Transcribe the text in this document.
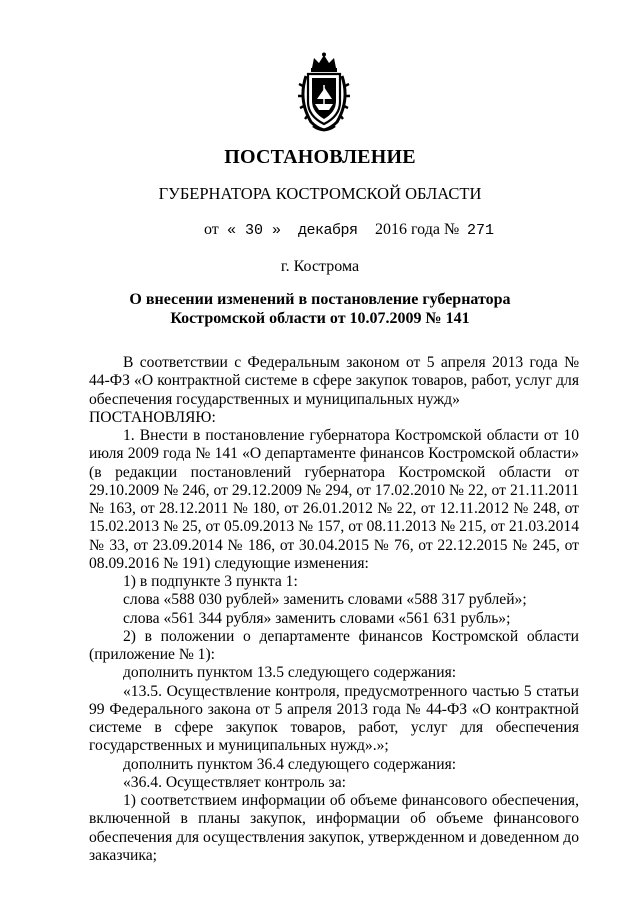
ПОСТАНОВЛЕНИЕ
ГУБЕРНАТОРА КОСТРОМСКОЙ ОБЛАСТИ
от « 30 » декабря 2016 года № 271
г. Кострома
О внесении изменений в постановление губернатора
Костромской области от 10.07.2009 № 141

В соответствии с Федеральным законом от 5 апреля 2013 года № 44-ФЗ «О контрактной системе в сфере закупок товаров, работ, услуг для обеспечения государственных и муниципальных нужд»

ПОСТАНОВЛЯЮ:

1. Внести в постановление губернатора Костромской области от 10 июля 2009 года № 141 «О департаменте финансов Костромской области» (в редакции постановлений губернатора Костромской области от 29.10.2009 № 246, от 29.12.2009 № 294, от 17.02.2010 № 22, от 21.11.2011 № 163, от 28.12.2011 № 180, от 26.01.2012 № 22, от 12.11.2012 № 248, от 15.02.2013 № 25, от 05.09.2013 № 157, от 08.11.2013 № 215, от 21.03.2014 № 33, от 23.09.2014 № 186, от 30.04.2015 № 76, от 22.12.2015 № 245, от 08.09.2016 № 191) следующие изменения:

1) в подпункте 3 пункта 1:

слова «588 030 рублей» заменить словами «588 317 рублей»;

слова «561 344 рубля» заменить словами «561 631 рубль»;

2) в положении о департаменте финансов Костромской области (приложение № 1):

дополнить пунктом 13.5 следующего содержания:

«13.5. Осуществление контроля, предусмотренного частью 5 статьи 99 Федерального закона от 5 апреля 2013 года № 44-ФЗ «О контрактной системе в сфере закупок товаров, работ, услуг для обеспечения государственных и муниципальных нужд».»;

дополнить пунктом 36.4 следующего содержания:

«36.4. Осуществляет контроль за:

1) соответствием информации об объеме финансового обеспечения, включенной в планы закупок, информации об объеме финансового обеспечения для осуществления закупок, утвержденном и доведенном до заказчика;
